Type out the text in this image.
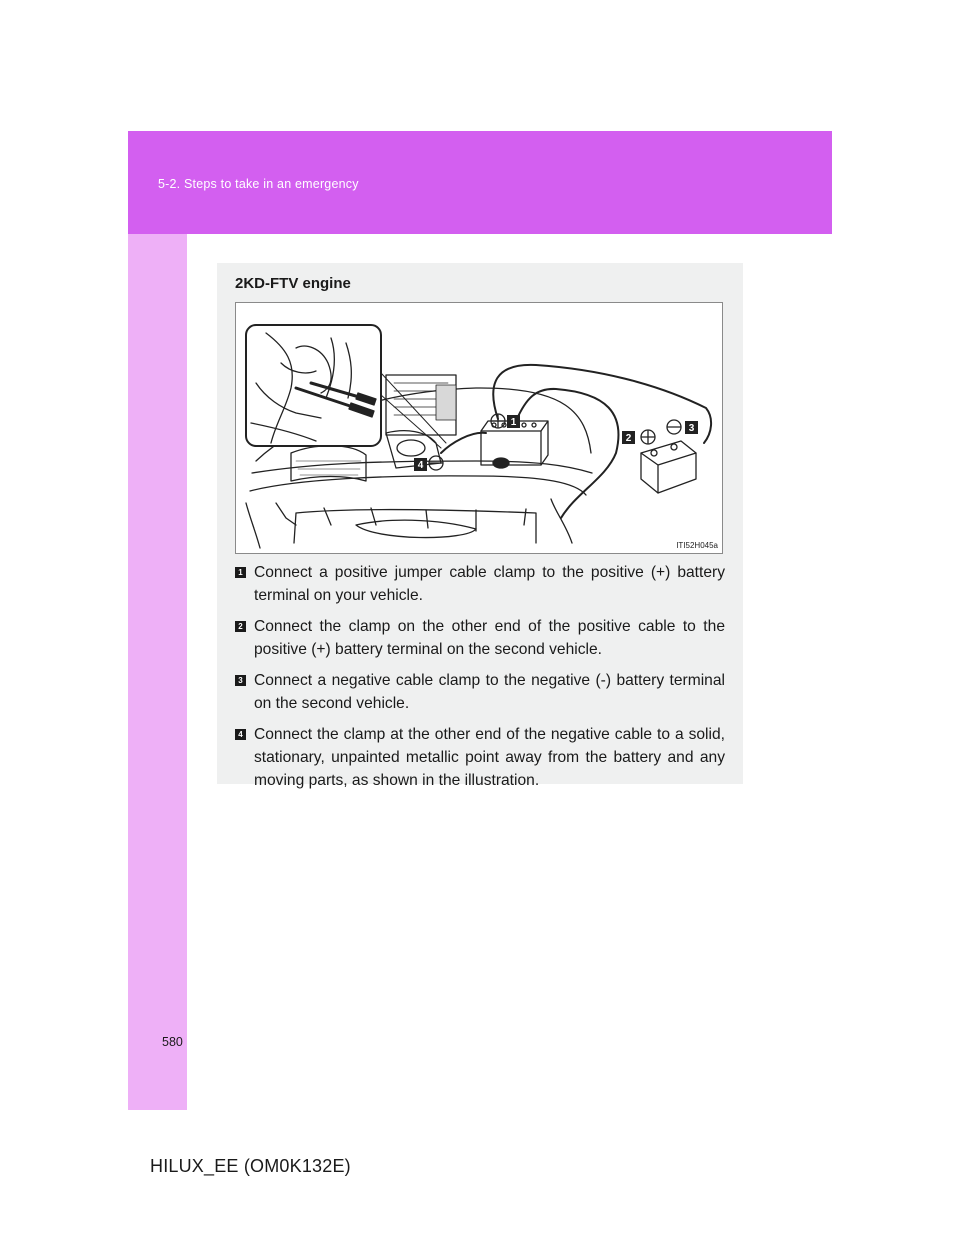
5-2. Steps to take in an emergency
2KD-FTV engine
1
4
2
3
ITI52H045a
1 Connect a positive jumper cable clamp to the positive (+) battery terminal on your vehicle.
2 Connect the clamp on the other end of the positive cable to the positive (+) battery terminal on the second vehicle.
3 Connect a negative cable clamp to the negative (-) battery terminal on the second vehicle.
4 Connect the clamp at the other end of the negative cable to a solid, stationary, unpainted metallic point away from the battery and any moving parts, as shown in the illustration.
580
HILUX_EE (OM0K132E)
